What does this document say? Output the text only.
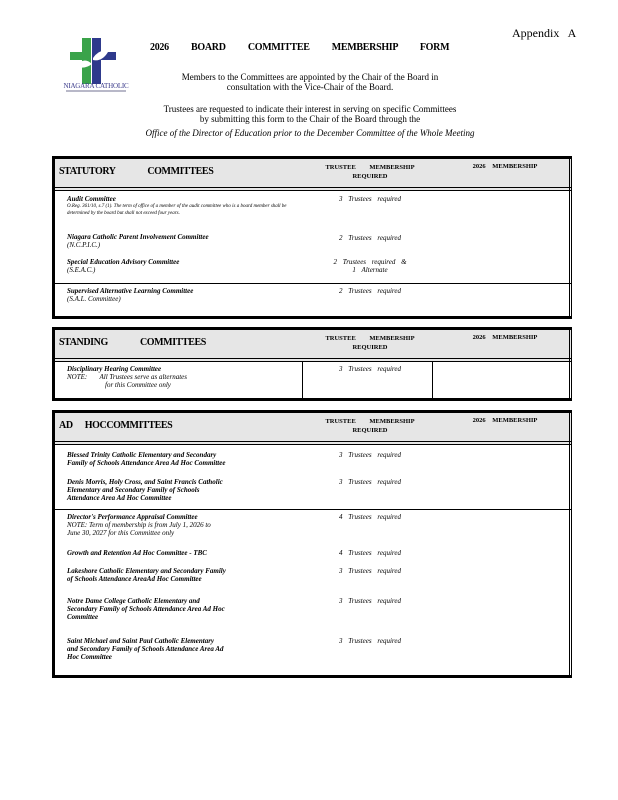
Appendix A
NIAGARA CATHOLIC
2026 BOARD COMMITTEE MEMBERSHIP FORM
Members to the Committees are appointed by the Chair of the Board in
consultation with the Vice-Chair of the Board.
Trustees are requested to indicate their interest in serving on specific Committees
by submitting this form to the Chair of the Board through the
Office of the Director of Education prior to the December Committee of the Whole Meeting
STATUTORY COMMITTEES	TRUSTEE MEMBERSHIP REQUIRED
2026 MEMBERSHIP
Audit Committee
O.Reg. 361/10, s.7 (1). The term of office of a member of the audit committee who is a board member shall be determined by the board but shall not exceed four years.
3 Trustees required
Niagara Catholic Parent Involvement Committee
(N.C.P.I.C.)
2 Trustees required
Special Education Advisory Committee
(S.E.A.C.)
2 Trustees required &
1 Alternate
Supervised Alternative Learning Committee
(S.A.L. Committee)
2 Trustees required
STANDING COMMITTEES	TRUSTEE MEMBERSHIP REQUIRED
2026 MEMBERSHIP
Disciplinary Hearing Committee
NOTE: All Trustees serve as alternates
for this Committee only
3 Trustees required
AD HOCCOMMITTEES	TRUSTEE MEMBERSHIP REQUIRED
2026 MEMBERSHIP
Blessed Trinity Catholic Elementary and Secondary
Family of Schools Attendance Area Ad Hoc Committee
3 Trustees required
Denis Morris, Holy Cross, and Saint Francis Catholic
Elementary and Secondary Family of Schools
Attendance Area Ad Hoc Committee
3 Trustees required
Director's Performance Appraisal Committee
NOTE: Term of membership is from July 1, 2026 to
June 30, 2027 for this Committee only
4 Trustees required
Growth and Retention Ad Hoc Committee - TBC	4 Trustees required
Lakeshore Catholic Elementary and Secondary Family
of Schools Attendance AreaAd Hoc Committee
3 Trustees required
Notre Dame College Catholic Elementary and
Secondary Family of Schools Attendance Area Ad Hoc
Committee
3 Trustees required
Saint Michael and Saint Paul Catholic Elementary
and Secondary Family of Schools Attendance Area Ad
Hoc Committee
3 Trustees required
